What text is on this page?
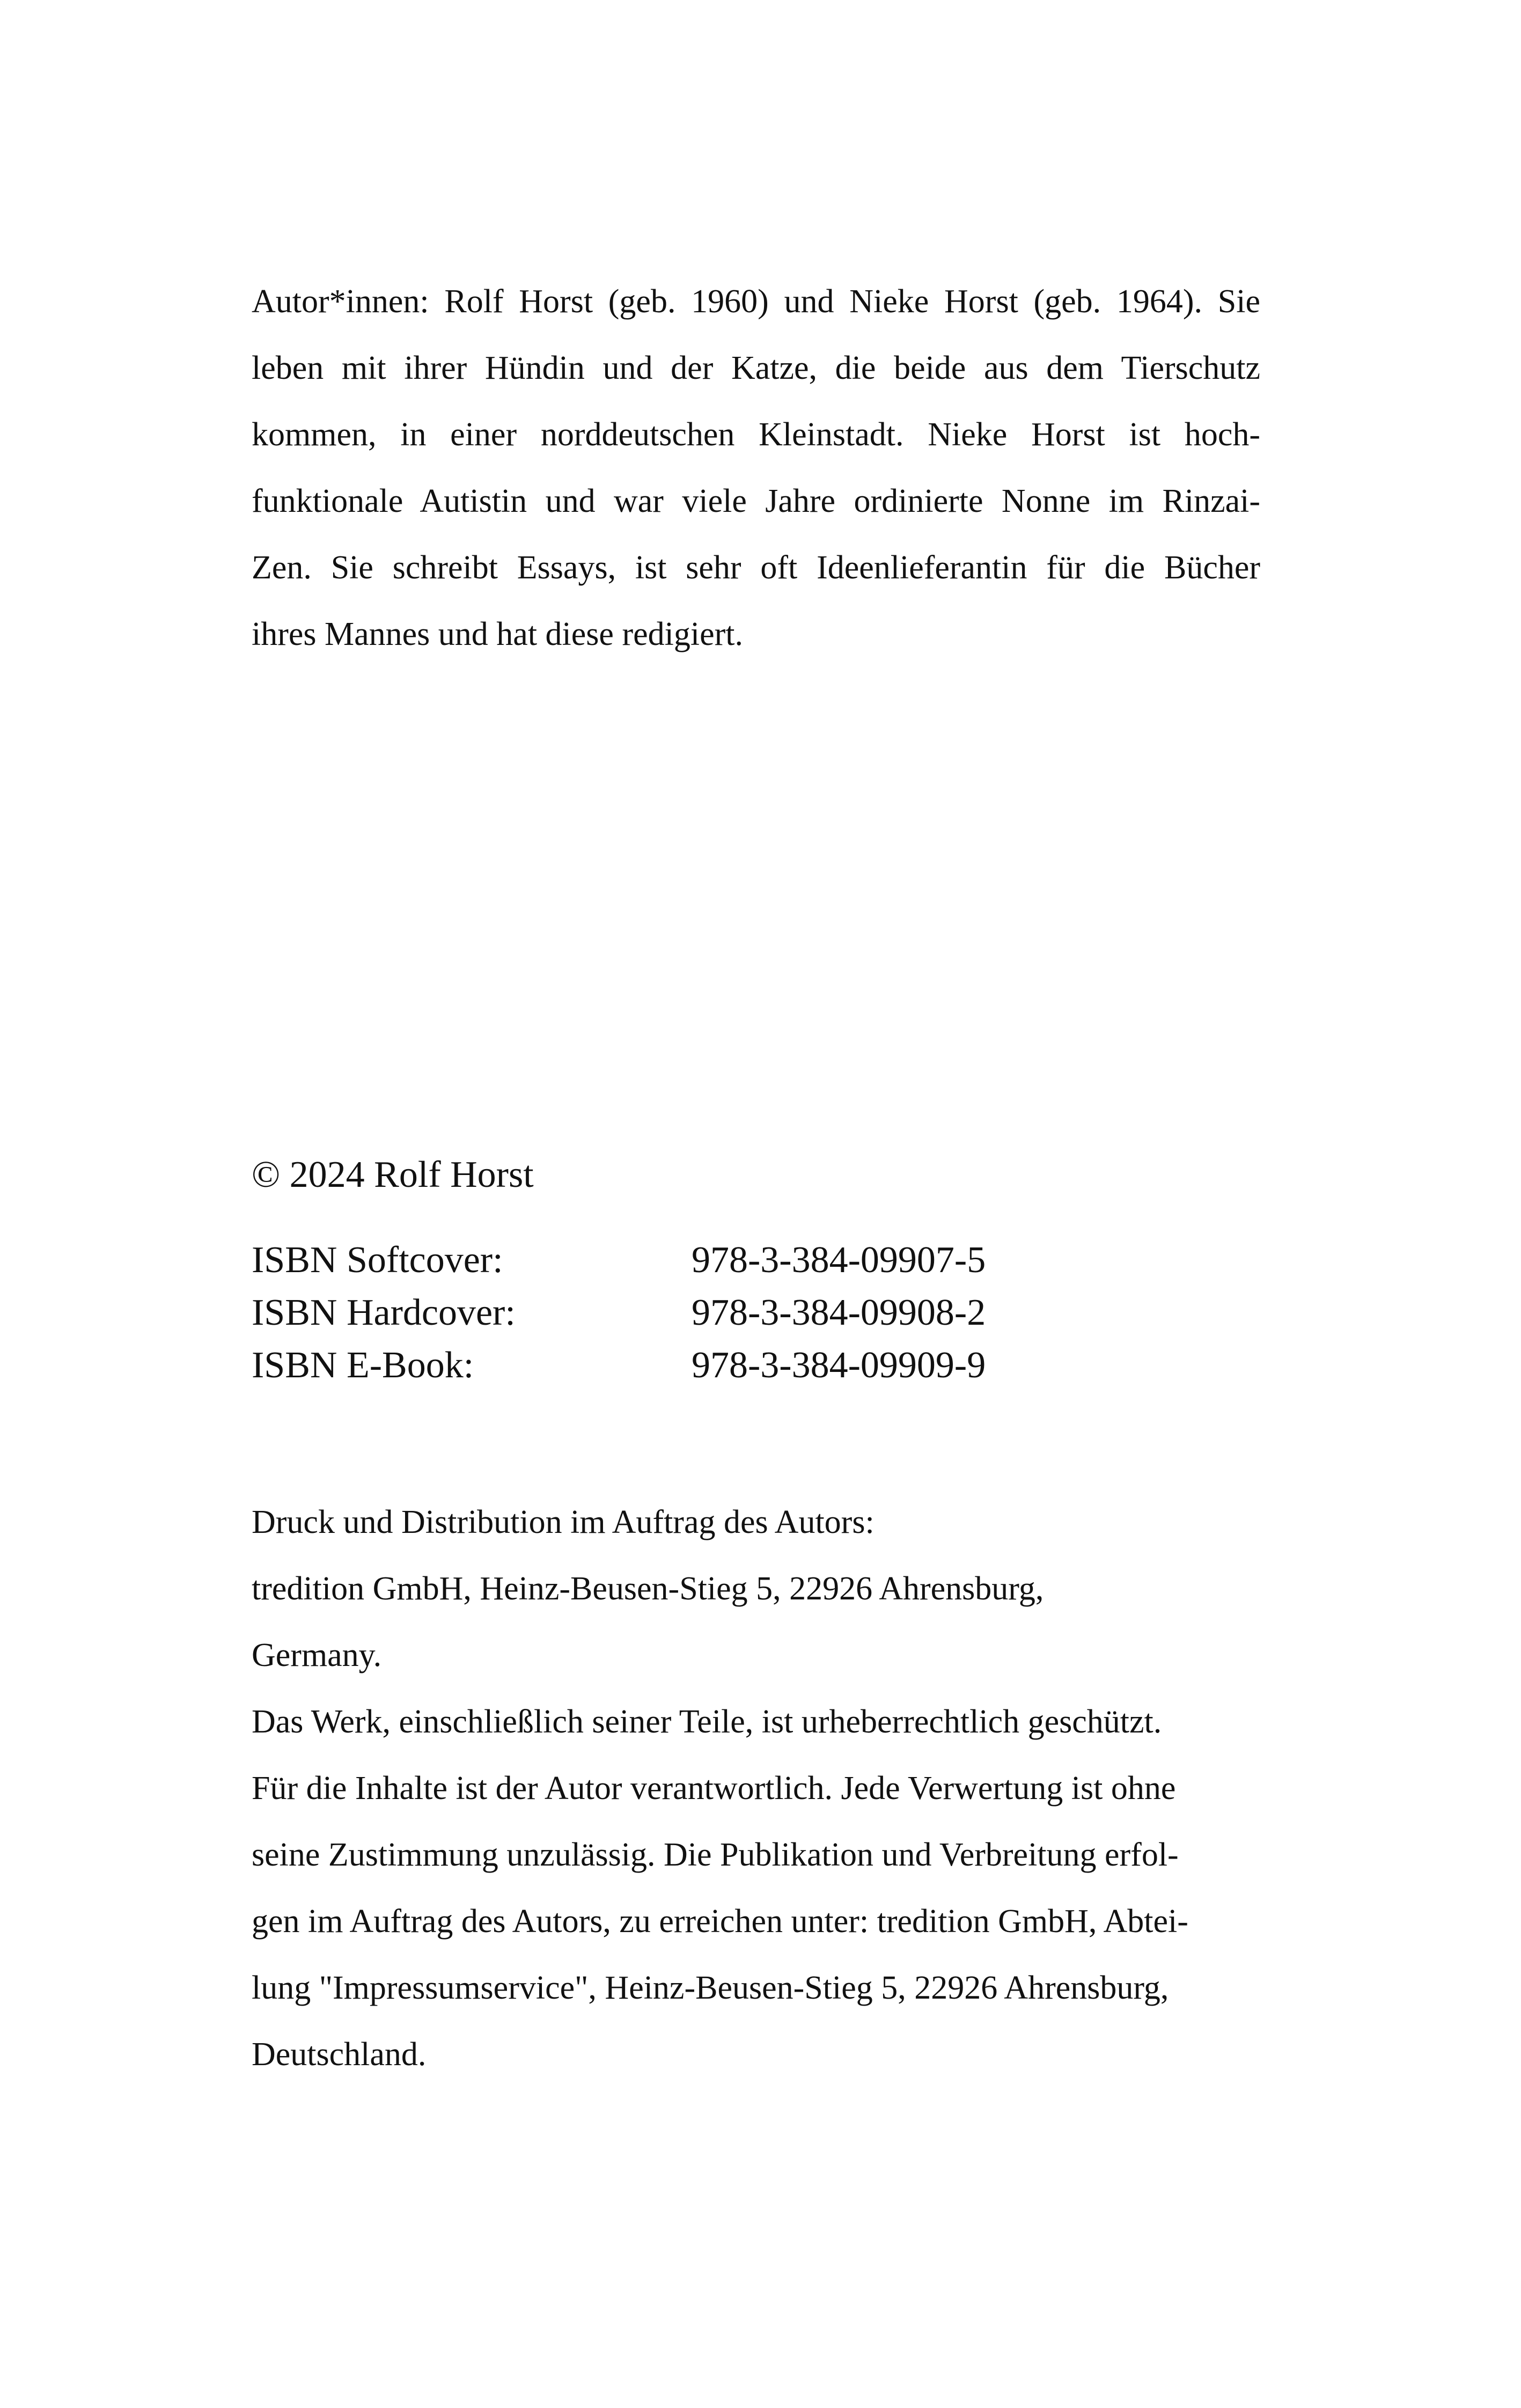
Autor*innen: Rolf Horst (geb. 1960) und Nieke Horst (geb. 1964). Sie
leben mit ihrer Hündin und der Katze, die beide aus dem Tierschutz
kommen, in einer norddeutschen Kleinstadt. Nieke Horst ist hoch-
funktionale Autistin und war viele Jahre ordinierte Nonne im Rinzai-
Zen. Sie schreibt Essays, ist sehr oft Ideenlieferantin für die Bücher
ihres Mannes und hat diese redigiert.
© 2024 Rolf Horst
ISBN Softcover:	978-3-384-09907-5
ISBN Hardcover:	978-3-384-09908-2
ISBN E-Book:	978-3-384-09909-9
Druck und Distribution im Auftrag des Autors:
tredition GmbH, Heinz-Beusen-Stieg 5, 22926 Ahrensburg,
Germany.
Das Werk, einschließlich seiner Teile, ist urheberrechtlich geschützt.
Für die Inhalte ist der Autor verantwortlich. Jede Verwertung ist ohne
seine Zustimmung unzulässig. Die Publikation und Verbreitung erfol-
gen im Auftrag des Autors, zu erreichen unter: tredition GmbH, Abtei-
lung "Impressumservice", Heinz-Beusen-Stieg 5, 22926 Ahrensburg,
Deutschland.
